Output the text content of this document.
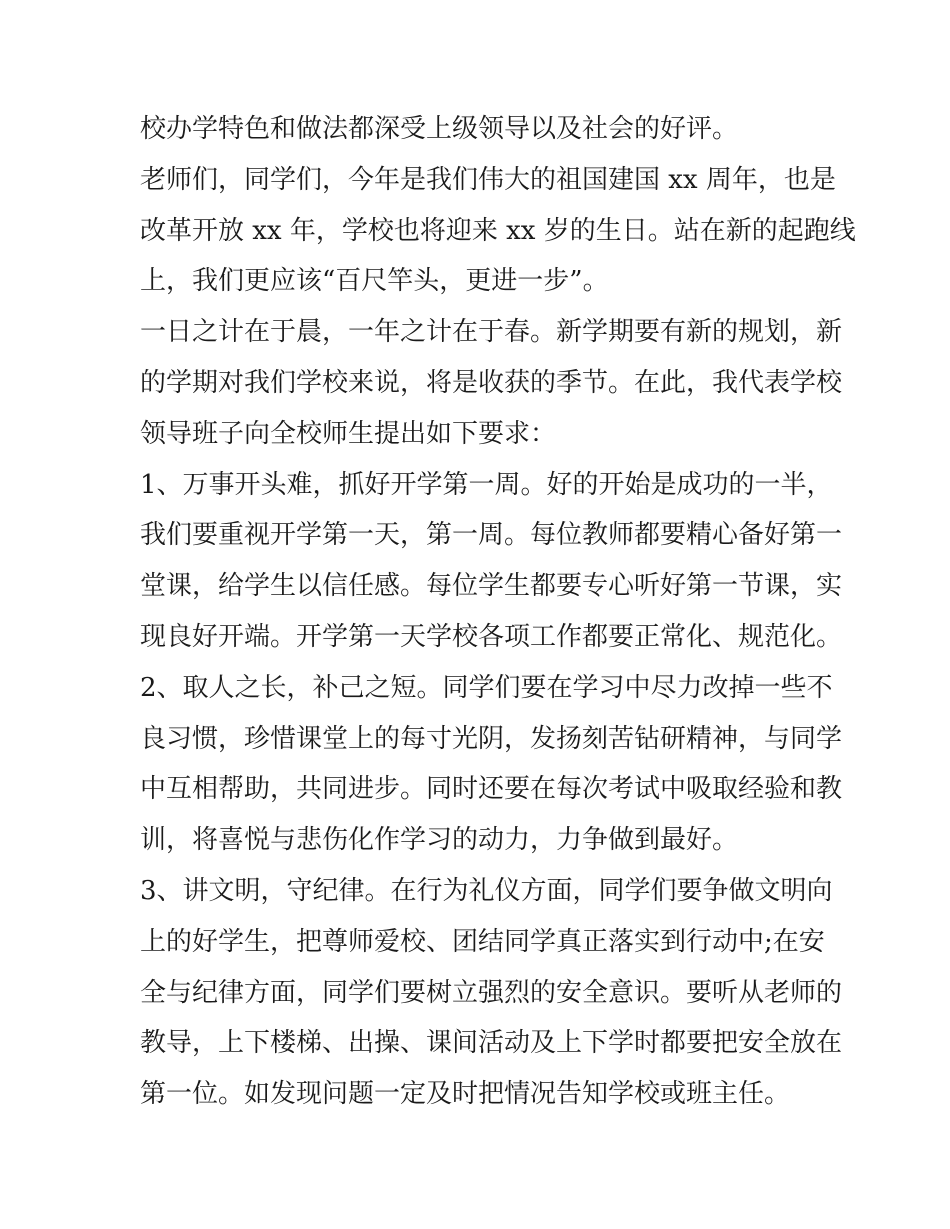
校办学特色和做法都深受上级领导以及社会的好评。

老师们，同学们，今年是我们伟大的祖国建国 xx 周年，也是

改革开放 xx 年，学校也将迎来 xx 岁的生日。站在新的起跑线

上，我们更应该“百尺竿头，更进一步”。

一日之计在于晨，一年之计在于春。新学期要有新的规划，新

的学期对我们学校来说，将是收获的季节。在此，我代表学校

领导班子向全校师生提出如下要求：

1、万事开头难，抓好开学第一周。好的开始是成功的一半，

我们要重视开学第一天，第一周。每位教师都要精心备好第一

堂课，给学生以信任感。每位学生都要专心听好第一节课，实

现良好开端。开学第一天学校各项工作都要正常化、规范化。

2、取人之长，补己之短。同学们要在学习中尽力改掉一些不

良习惯，珍惜课堂上的每寸光阴，发扬刻苦钻研精神，与同学

中互相帮助，共同进步。同时还要在每次考试中吸取经验和教

训，将喜悦与悲伤化作学习的动力，力争做到最好。

3、讲文明，守纪律。在行为礼仪方面，同学们要争做文明向

上的好学生，把尊师爱校、团结同学真正落实到行动中;在安

全与纪律方面，同学们要树立强烈的安全意识。要听从老师的

教导，上下楼梯、出操、课间活动及上下学时都要把安全放在

第一位。如发现问题一定及时把情况告知学校或班主任。
